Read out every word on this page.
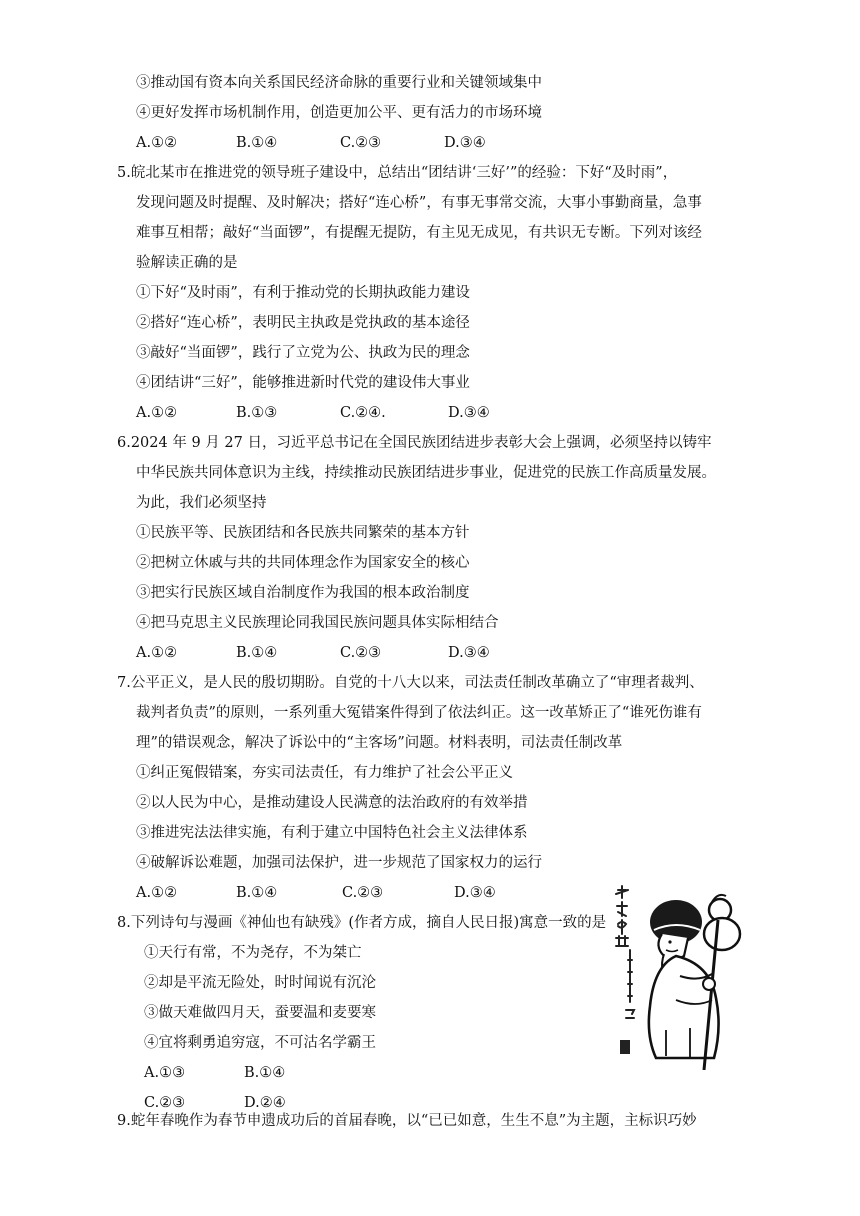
③推动国有资本向关系国民经济命脉的重要行业和关键领域集中
④更好发挥市场机制作用，创造更加公平、更有活力的市场环境
A.①②	B.①④	C.②③	D.③④
5.皖北某市在推进党的领导班子建设中，总结出“团结讲‘三好’”的经验：下好“及时雨”，
发现问题及时提醒、及时解决；搭好“连心桥”，有事无事常交流，大事小事勤商量，急事
难事互相帮；敲好“当面锣”，有提醒无提防，有主见无成见，有共识无专断。下列对该经
验解读正确的是
①下好“及时雨”，有利于推动党的长期执政能力建设
②搭好“连心桥”，表明民主执政是党执政的基本途径
③敲好“当面锣”，践行了立党为公、执政为民的理念
④团结讲“三好”，能够推进新时代党的建设伟大事业
A.①②	B.①③	C.②④.	D.③④
6.2024 年 9 月 27 日，习近平总书记在全国民族团结进步表彰大会上强调，必须坚持以铸牢
中华民族共同体意识为主线，持续推动民族团结进步事业，促进党的民族工作高质量发展。
为此，我们必须坚持
①民族平等、民族团结和各民族共同繁荣的基本方针
②把树立休戚与共的共同体理念作为国家安全的核心
③把实行民族区域自治制度作为我国的根本政治制度
④把马克思主义民族理论同我国民族问题具体实际相结合
A.①②	B.①④	C.②③	D.③④
7.公平正义，是人民的殷切期盼。自党的十八大以来，司法责任制改革确立了“审理者裁判、
裁判者负责”的原则，一系列重大冤错案件得到了依法纠正。这一改革矫正了“谁死伤谁有
理”的错误观念，解决了诉讼中的“主客场”问题。材料表明，司法责任制改革
①纠正冤假错案，夯实司法责任，有力维护了社会公平正义
②以人民为中心，是推动建设人民满意的法治政府的有效举措
③推进宪法法律实施，有利于建立中国特色社会主义法律体系
④破解诉讼难题，加强司法保护，进一步规范了国家权力的运行
A.①②	B.①④	C.②③	D.③④
8.下列诗句与漫画《神仙也有缺残》(作者方成，摘自人民日报)寓意一致的是
①天行有常，不为尧存，不为桀亡
②却是平流无险处，时时闻说有沉沦
③做天难做四月天，蚕要温和麦要寒
④宜将剩勇追穷寇，不可沽名学霸王
A.①③	B.①④
C.②③	D.②④
9.蛇年春晚作为春节申遗成功后的首届春晚，以“已已如意，生生不息”为主题，主标识巧妙
